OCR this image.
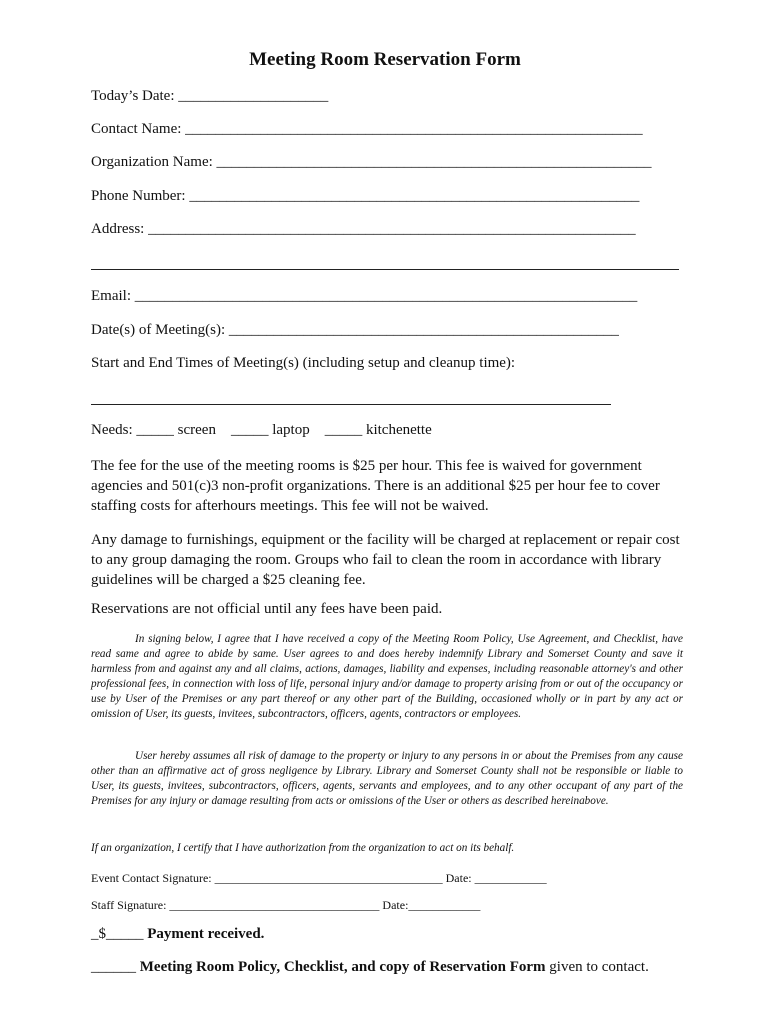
Meeting Room Reservation Form
Today’s Date: ____________________
Contact Name: _____________________________________________________________
Organization Name: __________________________________________________________
Phone Number: ____________________________________________________________
Address: _________________________________________________________________
Email: ___________________________________________________________________
Date(s) of Meeting(s): ____________________________________________________
Start and End Times of Meeting(s) (including setup and cleanup time):
Needs: _____ screen    _____ laptop    _____ kitchenette
The fee for the use of the meeting rooms is $25 per hour. This fee is waived for government agencies and 501(c)3 non-profit organizations. There is an additional $25 per hour fee to cover staffing costs for afterhours meetings. This fee will not be waived.
Any damage to furnishings, equipment or the facility will be charged at replacement or repair cost to any group damaging the room. Groups who fail to clean the room in accordance with library guidelines will be charged a $25 cleaning fee.
Reservations are not official until any fees have been paid.
In signing below, I agree that I have received a copy of the Meeting Room Policy, Use Agreement, and Checklist, have read same and agree to abide by same. User agrees to and does hereby indemnify Library and Somerset County and save it harmless from and against any and all claims, actions, damages, liability and expenses, including reasonable attorney's and other professional fees, in connection with loss of life, personal injury and/or damage to property arising from or out of the occupancy or use by User of the Premises or any part thereof or any other part of the Building, occasioned wholly or in part by any act or omission of User, its guests, invitees, subcontractors, officers, agents, contractors or employees.
User hereby assumes all risk of damage to the property or injury to any persons in or about the Premises from any cause other than an affirmative act of gross negligence by Library. Library and Somerset County shall not be responsible or liable to User, its guests, invitees, subcontractors, officers, agents, servants and employees, and to any other occupant of any part of the Premises for any injury or damage resulting from acts or omissions of the User or others as described hereinabove.
If an organization, I certify that I have authorization from the organization to act on its behalf.
Event Contact Signature: ______________________________________ Date: ____________
Staff Signature: ___________________________________ Date:____________
_$_____ Payment received.
______ Meeting Room Policy, Checklist, and copy of Reservation Form given to contact.
